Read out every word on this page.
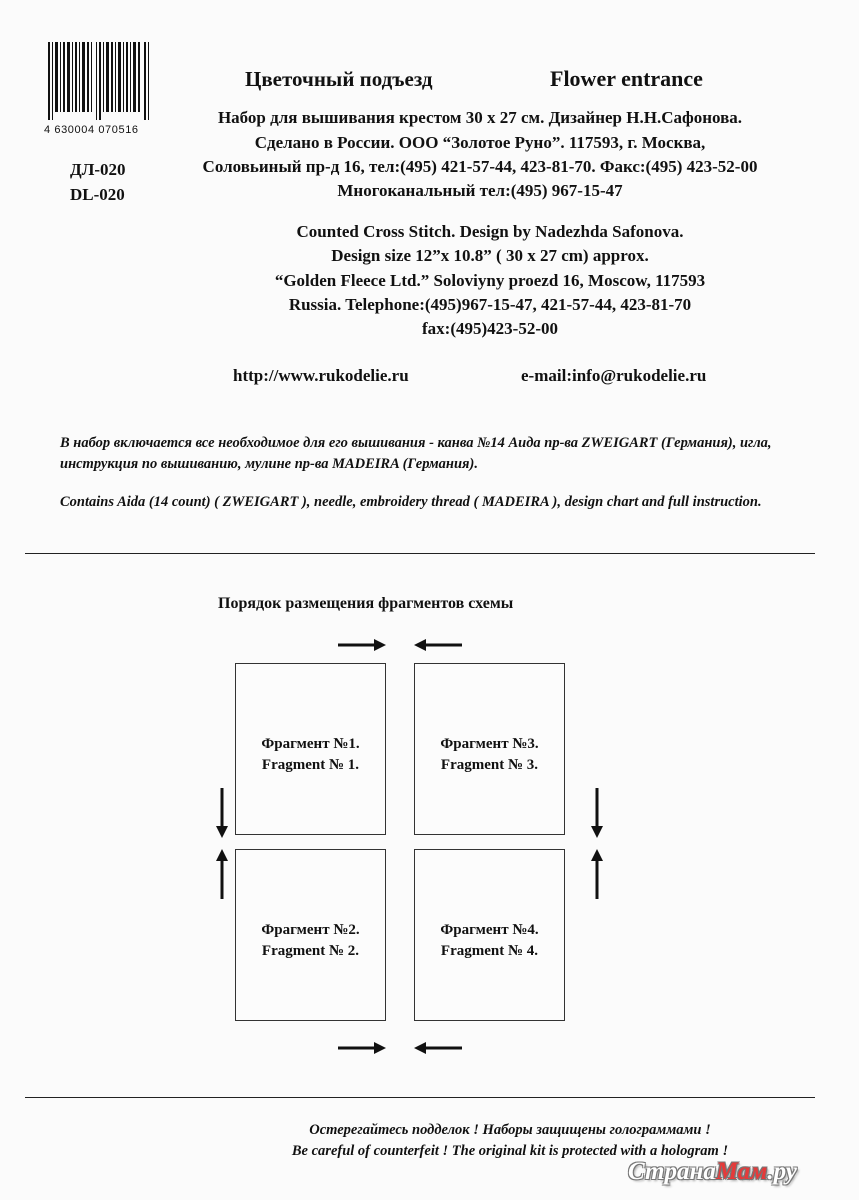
4 630004 070516
ДЛ-020
DL-020
Цветочный подъезд	Flower entrance
Набор для вышивания крестом 30 x 27 см. Дизайнер Н.Н.Сафонова.
Сделано в России. ООО “Золотое Руно”. 117593, г. Москва,
Соловьиный пр-д 16, тел:(495) 421-57-44, 423-81-70. Факс:(495) 423-52-00
Многоканальный тел:(495) 967-15-47
Counted Cross Stitch. Design by Nadezhda Safonova.
Design size 12”x 10.8” ( 30 x 27 cm) approx.
“Golden Fleece Ltd.” Soloviyny proezd 16, Moscow, 117593
Russia. Telephone:(495)967-15-47, 421-57-44, 423-81-70
fax:(495)423-52-00
http://www.rukodelie.ru	e-mail:info@rukodelie.ru
В набор включается все необходимое для его вышивания - канва №14 Аида пр-ва ZWEIGART (Германия), игла, инструкция по вышиванию, мулине пр-ва MADEIRA (Германия).
Contains Aida (14 count) ( ZWEIGART ), needle, embroidery thread ( MADEIRA ), design chart and full instruction.
Порядок размещения фрагментов схемы
Фрагмент №1.
Fragment № 1.
Фрагмент №3.
Fragment № 3.
Фрагмент №2.
Fragment № 2.
Фрагмент №4.
Fragment № 4.
Остерегайтесь подделок ! Наборы защищены голограммами !
Be careful of counterfeit ! The original kit is protected with a hologram !
СтранаМам.ру
